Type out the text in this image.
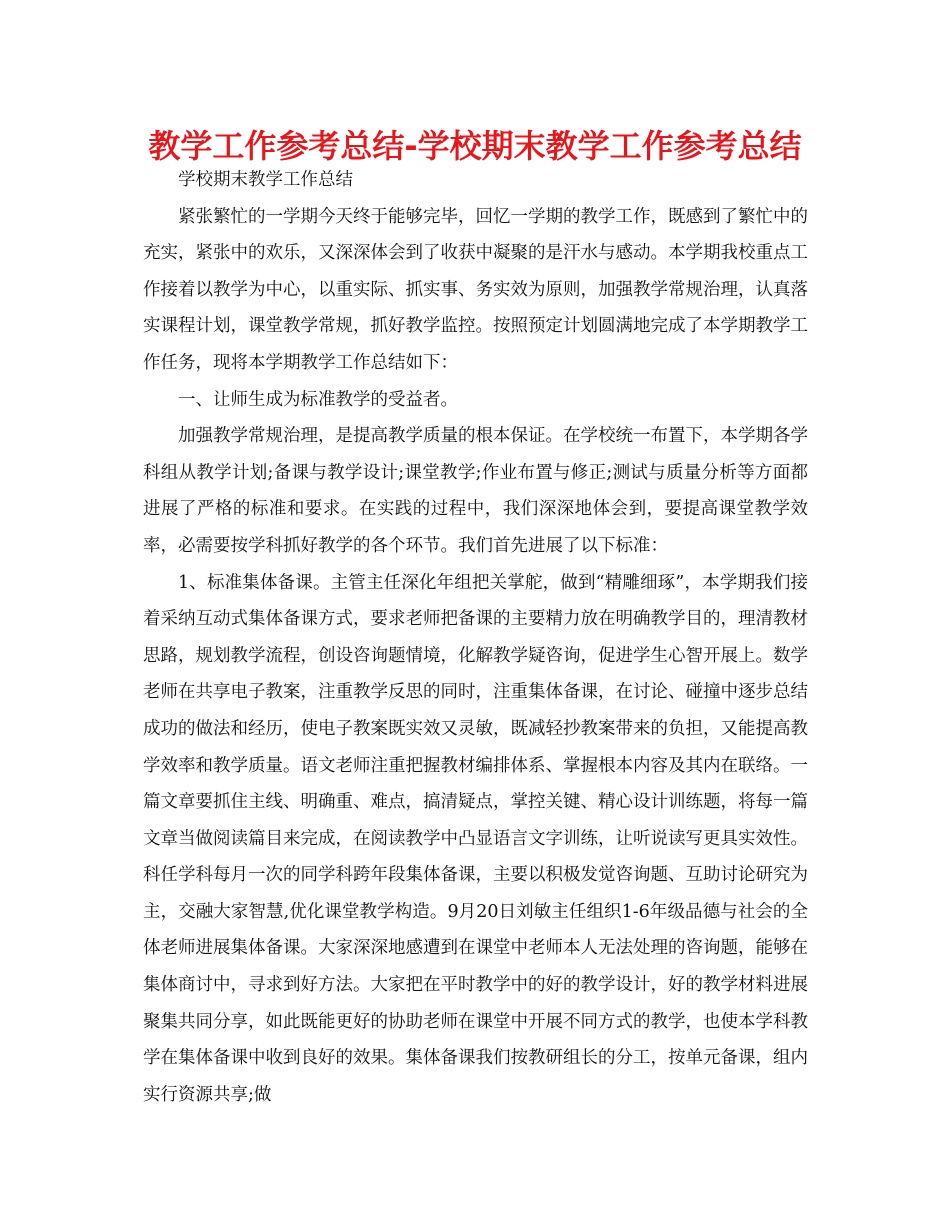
教学工作参考总结-学校期末教学工作参考总结

学校期末教学工作总结

紧张繁忙的一学期今天终于能够完毕，回忆一学期的教学工作，既感到了繁忙中的充实，紧张中的欢乐，又深深体会到了收获中凝聚的是汗水与感动。本学期我校重点工作接着以教学为中心，以重实际、抓实事、务实效为原则，加强教学常规治理，认真落实课程计划，课堂教学常规，抓好教学监控。按照预定计划圆满地完成了本学期教学工作任务，现将本学期教学工作总结如下：

一、让师生成为标准教学的受益者。

加强教学常规治理，是提高教学质量的根本保证。在学校统一布置下，本学期各学科组从教学计划;备课与教学设计;课堂教学;作业布置与修正;测试与质量分析等方面都进展了严格的标准和要求。在实践的过程中，我们深深地体会到，要提高课堂教学效率，必需要按学科抓好教学的各个环节。我们首先进展了以下标准：

1、标准集体备课。主管主任深化年组把关掌舵，做到“精雕细琢”，本学期我们接着采纳互动式集体备课方式，要求老师把备课的主要精力放在明确教学目的，理清教材思路，规划教学流程，创设咨询题情境，化解教学疑咨询，促进学生心智开展上。数学老师在共享电子教案，注重教学反思的同时，注重集体备课，在讨论、碰撞中逐步总结成功的做法和经历，使电子教案既实效又灵敏，既减轻抄教案带来的负担，又能提高教学效率和教学质量。语文老师注重把握教材编排体系、掌握根本内容及其内在联络。一篇文章要抓住主线、明确重、难点，搞清疑点，掌控关键、精心设计训练题，将每一篇文章当做阅读篇目来完成，在阅读教学中凸显语言文字训练，让听说读写更具实效性。科任学科每月一次的同学科跨年段集体备课，主要以积极发觉咨询题、互助讨论研究为主，交融大家智慧,优化课堂教学构造。9月20日刘敏主任组织1-6年级品德与社会的全体老师进展集体备课。大家深深地感遭到在课堂中老师本人无法处理的咨询题，能够在集体商讨中，寻求到好方法。大家把在平时教学中的好的教学设计，好的教学材料进展聚集共同分享，如此既能更好的协助老师在课堂中开展不同方式的教学，也使本学科教学在集体备课中收到良好的效果。集体备课我们按教研组长的分工，按单元备课，组内实行资源共享;做
